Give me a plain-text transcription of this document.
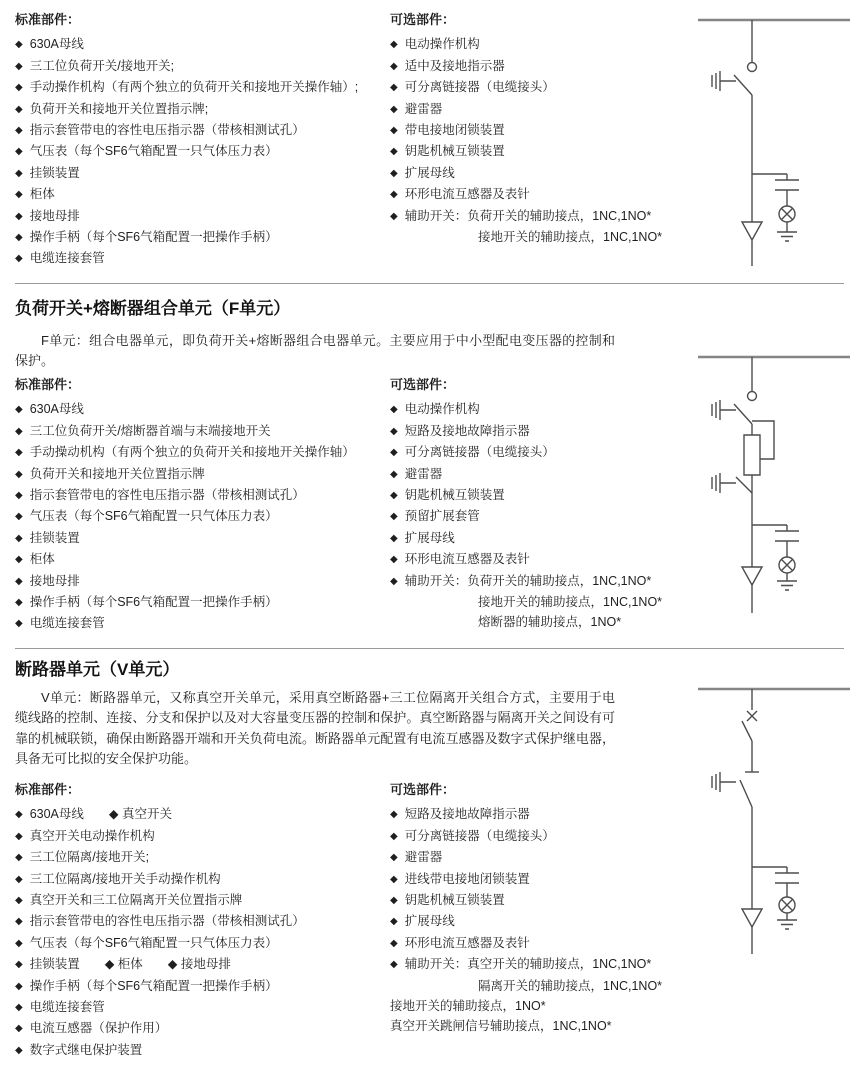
标准部件：
◆ 630A母线
◆ 三工位负荷开关/接地开关;
◆ 手动操作机构（有两个独立的负荷开关和接地开关操作轴）;
◆ 负荷开关和接地开关位置指示牌;
◆ 指示套管带电的容性电压指示器（带核相测试孔）
◆ 气压表（每个SF6气箱配置一只气体压力表）
◆ 挂锁装置
◆ 柜体
◆ 接地母排
◆ 操作手柄（每个SF6气箱配置一把操作手柄）
◆ 电缆连接套管
可选部件：
◆ 电动操作机构
◆ 适中及接地指示器
◆ 可分离链接器（电缆接头）
◆ 避雷器
◆ 带电接地闭锁装置
◆ 钥匙机械互锁装置
◆ 扩展母线
◆ 环形电流互感器及表针
◆ 辅助开关：负荷开关的辅助接点，1NC,1NO*
接地开关的辅助接点，1NC,1NO*
负荷开关+熔断器组合单元（F单元）

F单元：组合电器单元，即负荷开关+熔断器组合电器单元。主要应用于中小型配电变压器的控制和保护。

标准部件：
◆ 630A母线
◆ 三工位负荷开关/熔断器首端与末端接地开关
◆ 手动操动机构（有两个独立的负荷开关和接地开关操作轴）
◆ 负荷开关和接地开关位置指示牌
◆ 指示套管带电的容性电压指示器（带核相测试孔）
◆ 气压表（每个SF6气箱配置一只气体压力表）
◆ 挂锁装置
◆ 柜体
◆ 接地母排
◆ 操作手柄（每个SF6气箱配置一把操作手柄）
◆ 电缆连接套管
可选部件：
◆ 电动操作机构
◆ 短路及接地故障指示器
◆ 可分离链接器（电缆接头）
◆ 避雷器
◆ 钥匙机械互锁装置
◆ 预留扩展套管
◆ 扩展母线
◆ 环形电流互感器及表针
◆ 辅助开关：负荷开关的辅助接点，1NC,1NO*
接地开关的辅助接点，1NC,1NO*
熔断器的辅助接点，1NO*
断路器单元（V单元）

V单元：断路器单元，又称真空开关单元，采用真空断路器+三工位隔离开关组合方式，主要用于电缆线路的控制、连接、分支和保护以及对大容量变压器的控制和保护。真空断路器与隔离开关之间设有可靠的机械联锁，确保由断路器开端和开关负荷电流。断路器单元配置有电流互感器及数字式保护继电器，具备无可比拟的安全保护功能。

标准部件：
◆ 630A母线　　◆ 真空开关
◆ 真空开关电动操作机构
◆ 三工位隔离/接地开关;
◆ 三工位隔离/接地开关手动操作机构
◆ 真空开关和三工位隔离开关位置指示牌
◆ 指示套管带电的容性电压指示器（带核相测试孔）
◆ 气压表（每个SF6气箱配置一只气体压力表）
◆ 挂锁装置　　◆ 柜体　　◆ 接地母排
◆ 操作手柄（每个SF6气箱配置一把操作手柄）
◆ 电缆连接套管
◆ 电流互感器（保护作用）
◆ 数字式继电保护装置
可选部件：
◆ 短路及接地故障指示器
◆ 可分离链接器（电缆接头）
◆ 避雷器
◆ 进线带电接地闭锁装置
◆ 钥匙机械互锁装置
◆ 扩展母线
◆ 环形电流互感器及表针
◆ 辅助开关：真空开关的辅助接点，1NC,1NO*
隔离开关的辅助接点，1NC,1NO*
接地开关的辅助接点，1NO*
真空开关跳闸信号辅助接点，1NC,1NO*
